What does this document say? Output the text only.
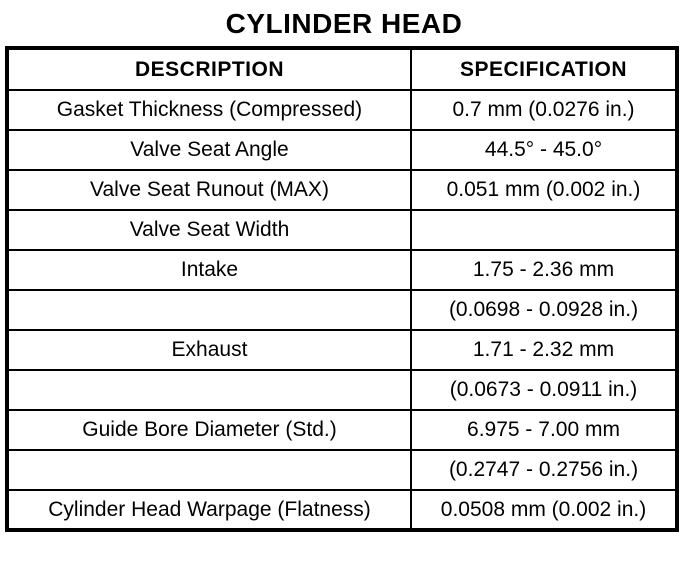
CYLINDER HEAD
DESCRIPTION	SPECIFICATION
Gasket Thickness (Compressed)	0.7 mm (0.0276 in.)
Valve Seat Angle	44.5° - 45.0°
Valve Seat Runout (MAX)	0.051 mm (0.002 in.)
Valve Seat Width	
Intake	1.75 - 2.36 mm
	(0.0698 - 0.0928 in.)
Exhaust	1.71 - 2.32 mm
	(0.0673 - 0.0911 in.)
Guide Bore Diameter (Std.)	6.975 - 7.00 mm
	(0.2747 - 0.2756 in.)
Cylinder Head Warpage (Flatness)	0.0508 mm (0.002 in.)
